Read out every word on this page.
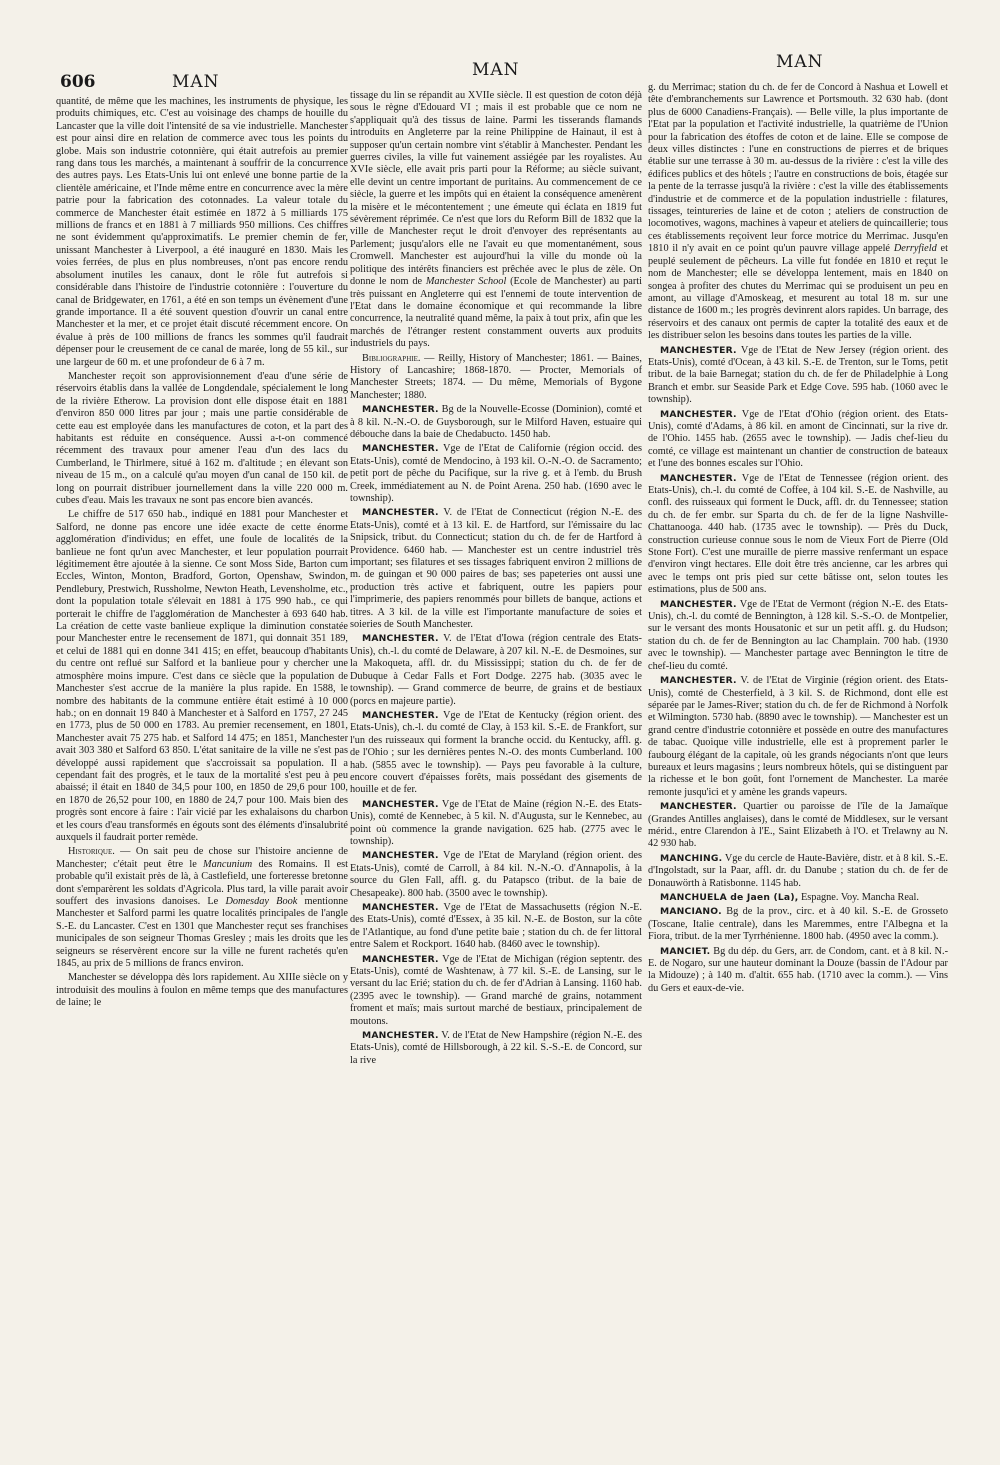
606	MAN
MAN	MAN

quantité, de même que les machines, les instruments de physique, les produits chimiques, etc. C'est au voisinage des champs de houille du Lancaster que la ville doit l'intensité de sa vie industrielle. Manchester est pour ainsi dire en relation de commerce avec tous les points du globe. Mais son industrie cotonnière, qui était autrefois au premier rang dans tous les marchés, a maintenant à souffrir de la concurrence des autres pays. Les Etats-Unis lui ont enlevé une bonne partie de la clientèle américaine, et l'Inde même entre en concurrence avec la mère patrie pour la fabrication des cotonnades. La valeur totale du commerce de Manchester était estimée en 1872 à 5 milliards 175 millions de francs et en 1881 à 7 milliards 950 millions. Ces chiffres ne sont évidemment qu'approximatifs. Le premier chemin de fer, unissant Manchester à Liverpool, a été inauguré en 1830. Mais les voies ferrées, de plus en plus nombreuses, n'ont pas encore rendu absolument inutiles les canaux, dont le rôle fut autrefois si considérable dans l'histoire de l'industrie cotonnière : l'ouverture du canal de Bridgewater, en 1761, a été en son temps un évènement d'une grande importance. Il a été souvent question d'ouvrir un canal entre Manchester et la mer, et ce projet était discuté récemment encore. On évalue à près de 100 millions de francs les sommes qu'il faudrait dépenser pour le creusement de ce canal de marée, long de 55 kil., sur une largeur de 60 m. et une profondeur de 6 à 7 m.

Manchester reçoit son approvisionnement d'eau d'une série de réservoirs établis dans la vallée de Longdendale, spécialement le long de la rivière Etherow. La provision dont elle dispose était en 1881 d'environ 850 000 litres par jour ; mais une partie considérable de cette eau est employée dans les manufactures de coton, et la part des habitants est réduite en conséquence. Aussi a-t-on commencé récemment des travaux pour amener l'eau d'un des lacs du Cumberland, le Thirlmere, situé à 162 m. d'altitude ; en élevant son niveau de 15 m., on a calculé qu'au moyen d'un canal de 150 kil. de long on pourrait distribuer journellement dans la ville 220 000 m. cubes d'eau. Mais les travaux ne sont pas encore bien avancés.

Le chiffre de 517 650 hab., indiqué en 1881 pour Manchester et Salford, ne donne pas encore une idée exacte de cette énorme agglomération d'individus; en effet, une foule de localités de la banlieue ne font qu'un avec Manchester, et leur population pourrait légitimement être ajoutée à la sienne. Ce sont Moss Side, Barton cum Eccles, Winton, Monton, Bradford, Gorton, Openshaw, Swindon, Pendlebury, Prestwich, Russholme, Newton Heath, Levensholme, etc., dont la population totale s'élevait en 1881 à 175 990 hab., ce qui porterait le chiffre de l'agglomération de Manchester à 693 640 hab. La création de cette vaste banlieue explique la diminution constatée pour Manchester entre le recensement de 1871, qui donnait 351 189, et celui de 1881 qui en donne 341 415; en effet, beaucoup d'habitants du centre ont reflué sur Salford et la banlieue pour y chercher une atmosphère moins impure. C'est dans ce siècle que la population de Manchester s'est accrue de la manière la plus rapide. En 1588, le nombre des habitants de la commune entière était estimé à 10 000 hab.; on en donnait 19 840 à Manchester et à Salford en 1757, 27 245 en 1773, plus de 50 000 en 1783. Au premier recensement, en 1801, Manchester avait 75 275 hab. et Salford 14 475; en 1851, Manchester avait 303 380 et Salford 63 850. L'état sanitaire de la ville ne s'est pas développé aussi rapidement que s'accroissait sa population. Il a cependant fait des progrès, et le taux de la mortalité s'est peu à peu abaissé; il était en 1840 de 34,5 pour 100, en 1850 de 29,6 pour 100, en 1870 de 26,52 pour 100, en 1880 de 24,7 pour 100. Mais bien des progrès sont encore à faire : l'air vicié par les exhalaisons du charbon et les cours d'eau transformés en égouts sont des éléments d'insalubrité auxquels il faudrait porter remède.

Historique. — On sait peu de chose sur l'histoire ancienne de Manchester; c'était peut être le Mancunium des Romains. Il est probable qu'il existait près de là, à Castlefield, une forteresse bretonne dont s'emparèrent les soldats d'Agricola. Plus tard, la ville parait avoir souffert des invasions danoises. Le Domesday Book mentionne Manchester et Salford parmi les quatre localités principales de l'angle S.-E. du Lancaster. C'est en 1301 que Manchester reçut ses franchises municipales de son seigneur Thomas Gresley ; mais les droits que les seigneurs se réservèrent encore sur la ville ne furent rachetés qu'en 1845, au prix de 5 millions de francs environ.

Manchester se développa dès lors rapidement. Au XIIIe siècle on y introduisit des moulins à foulon en même temps que des manufactures de laine; le

tissage du lin se répandit au XVIIe siècle. Il est question de coton déjà sous le règne d'Edouard VI ; mais il est probable que ce nom ne s'appliquait qu'à des tissus de laine. Parmi les tisserands flamands introduits en Angleterre par la reine Philippine de Hainaut, il est à supposer qu'un certain nombre vint s'établir à Manchester. Pendant les guerres civiles, la ville fut vainement assiégée par les royalistes. Au XVIe siècle, elle avait pris parti pour la Réforme; au siècle suivant, elle devint un centre important de puritains. Au commencement de ce siècle, la guerre et les impôts qui en étaient la conséquence amenèrent la misère et le mécontentement ; une émeute qui éclata en 1819 fut sévèrement réprimée. Ce n'est que lors du Reform Bill de 1832 que la ville de Manchester reçut le droit d'envoyer des représentants au Parlement; jusqu'alors elle ne l'avait eu que momentanément, sous Cromwell. Manchester est aujourd'hui la ville du monde où la politique des intérêts financiers est prêchée avec le plus de zèle. On donne le nom de Manchester School (Ecole de Manchester) au parti très puissant en Angleterre qui est l'ennemi de toute intervention de l'Etat dans le domaine économique et qui recommande la libre concurrence, la neutralité quand même, la paix à tout prix, afin que les marchés de l'étranger restent constamment ouverts aux produits industriels du pays.

Bibliographie. — Reilly, History of Manchester; 1861. — Baines, History of Lancashire; 1868-1870. — Procter, Memorials of Manchester Streets; 1874. — Du même, Memorials of Bygone Manchester; 1880.

MANCHESTER. Bg de la Nouvelle-Ecosse (Dominion), comté et à 8 kil. N.-N.-O. de Guysborough, sur le Milford Haven, estuaire qui débouche dans la baie de Chedabucto. 1450 hab.

MANCHESTER. Vge de l'Etat de Californie (région occid. des Etats-Unis), comté de Mendocino, à 193 kil. O.-N.-O. de Sacramento; petit port de pêche du Pacifique, sur la rive g. et à l'emb. du Brush Creek, immédiatement au N. de Point Arena. 250 hab. (1690 avec le township).

MANCHESTER. V. de l'Etat de Connecticut (région N.-E. des Etats-Unis), comté et à 13 kil. E. de Hartford, sur l'émissaire du lac Snipsick, tribut. du Connecticut; station du ch. de fer de Hartford à Providence. 6460 hab. — Manchester est un centre industriel très important; ses filatures et ses tissages fabriquent environ 2 millions de m. de guingan et 90 000 paires de bas; ses papeteries ont aussi une production très active et fabriquent, outre les papiers pour l'imprimerie, des papiers renommés pour billets de banque, actions et titres. A 3 kil. de la ville est l'importante manufacture de soies et soieries de South Manchester.

MANCHESTER. V. de l'Etat d'Iowa (région centrale des Etats-Unis), ch.-l. du comté de Delaware, à 207 kil. N.-E. de Desmoines, sur la Makoqueta, affl. dr. du Mississippi; station du ch. de fer de Dubuque à Cedar Falls et Fort Dodge. 2275 hab. (3035 avec le township). — Grand commerce de beurre, de grains et de bestiaux (porcs en majeure partie).

MANCHESTER. Vge de l'Etat de Kentucky (région orient. des Etats-Unis), ch.-l. du comté de Clay, à 153 kil. S.-E. de Frankfort, sur l'un des ruisseaux qui forment la branche occid. du Kentucky, affl. g. de l'Ohio ; sur les dernières pentes N.-O. des monts Cumberland. 100 hab. (5855 avec le township). — Pays peu favorable à la culture, encore couvert d'épaisses forêts, mais possédant des gisements de houille et de fer.

MANCHESTER. Vge de l'Etat de Maine (région N.-E. des Etats-Unis), comté de Kennebec, à 5 kil. N. d'Augusta, sur le Kennebec, au point où commence la grande navigation. 625 hab. (2775 avec le township).

MANCHESTER. Vge de l'Etat de Maryland (région orient. des Etats-Unis), comté de Carroll, à 84 kil. N.-N.-O. d'Annapolis, à la source du Glen Fall, affl. g. du Patapsco (tribut. de la baie de Chesapeake). 800 hab. (3500 avec le township).

MANCHESTER. Vge de l'Etat de Massachusetts (région N.-E. des Etats-Unis), comté d'Essex, à 35 kil. N.-E. de Boston, sur la côte de l'Atlantique, au fond d'une petite baie ; station du ch. de fer littoral entre Salem et Rockport. 1640 hab. (8460 avec le township).

MANCHESTER. Vge de l'Etat de Michigan (région septentr. des Etats-Unis), comté de Washtenaw, à 77 kil. S.-E. de Lansing, sur le versant du lac Erié; station du ch. de fer d'Adrian à Lansing. 1160 hab. (2395 avec le township). — Grand marché de grains, notamment froment et maïs; mais surtout marché de bestiaux, principalement de moutons.

MANCHESTER. V. de l'Etat de New Hampshire (région N.-E. des Etats-Unis), comté de Hillsborough, à 22 kil. S.-S.-E. de Concord, sur la rive

g. du Merrimac; station du ch. de fer de Concord à Nashua et Lowell et tête d'embranchements sur Lawrence et Portsmouth. 32 630 hab. (dont plus de 6000 Canadiens-Français). — Belle ville, la plus importante de l'Etat par la population et l'activité industrielle, la quatrième de l'Union pour la fabrication des étoffes de coton et de laine. Elle se compose de deux villes distinctes : l'une en constructions de pierres et de briques établie sur une terrasse à 30 m. au-dessus de la rivière : c'est la ville des édifices publics et des hôtels ; l'autre en constructions de bois, étagée sur la pente de la terrasse jusqu'à la rivière : c'est la ville des établissements d'industrie et de commerce et de la population industrielle : filatures, tissages, teintureries de laine et de coton ; ateliers de construction de locomotives, wagons, machines à vapeur et ateliers de quincaillerie; tous ces établissements reçoivent leur force motrice du Merrimac. Jusqu'en 1810 il n'y avait en ce point qu'un pauvre village appelé Derryfield et peuplé seulement de pêcheurs. La ville fut fondée en 1810 et reçut le nom de Manchester; elle se développa lentement, mais en 1840 on songea à profiter des chutes du Merrimac qui se produisent un peu en amont, au village d'Amoskeag, et mesurent au total 18 m. sur une distance de 1600 m.; les progrès devinrent alors rapides. Un barrage, des réservoirs et des canaux ont permis de capter la totalité des eaux et de les distribuer selon les besoins dans toutes les parties de la ville.

MANCHESTER. Vge de l'Etat de New Jersey (région orient. des Etats-Unis), comté d'Ocean, à 43 kil. S.-E. de Trenton, sur le Toms, petit tribut. de la baie Barnegat; station du ch. de fer de Philadelphie à Long Branch et embr. sur Seaside Park et Edge Cove. 595 hab. (1060 avec le township).

MANCHESTER. Vge de l'Etat d'Ohio (région orient. des Etats-Unis), comté d'Adams, à 86 kil. en amont de Cincinnati, sur la rive dr. de l'Ohio. 1455 hab. (2655 avec le township). — Jadis chef-lieu du comté, ce village est maintenant un chantier de construction de bateaux et l'une des bonnes escales sur l'Ohio.

MANCHESTER. Vge de l'Etat de Tennessee (région orient. des Etats-Unis), ch.-l. du comté de Coffee, à 104 kil. S.-E. de Nashville, au confl. des ruisseaux qui forment le Duck, affl. dr. du Tennessee; station du ch. de fer embr. sur Sparta du ch. de fer de la ligne Nashville-Chattanooga. 440 hab. (1735 avec le township). — Près du Duck, construction curieuse connue sous le nom de Vieux Fort de Pierre (Old Stone Fort). C'est une muraille de pierre massive renfermant un espace d'environ vingt hectares. Elle doit être très ancienne, car les arbres qui avec le temps ont pris pied sur cette bâtisse ont, selon toutes les estimations, plus de 500 ans.

MANCHESTER. Vge de l'Etat de Vermont (région N.-E. des Etats-Unis), ch.-l. du comté de Bennington, à 128 kil. S.-S.-O. de Montpelier, sur le versant des monts Housatonic et sur un petit affl. g. du Hudson; station du ch. de fer de Bennington au lac Champlain. 700 hab. (1930 avec le township). — Manchester partage avec Bennington le titre de chef-lieu du comté.

MANCHESTER. V. de l'Etat de Virginie (région orient. des Etats-Unis), comté de Chesterfield, à 3 kil. S. de Richmond, dont elle est séparée par le James-River; station du ch. de fer de Richmond à Norfolk et Wilmington. 5730 hab. (8890 avec le township). — Manchester est un grand centre d'industrie cotonnière et possède en outre des manufactures de tabac. Quoique ville industrielle, elle est à proprement parler le faubourg élégant de la capitale, où les grands négociants n'ont que leurs bureaux et leurs magasins ; leurs nombreux hôtels, qui se distinguent par la richesse et le bon goût, font l'ornement de Manchester. La marée remonte jusqu'ici et y amène les grands vapeurs.

MANCHESTER. Quartier ou paroisse de l'île de la Jamaïque (Grandes Antilles anglaises), dans le comté de Middlesex, sur le versant mérid., entre Clarendon à l'E., Saint Elizabeth à l'O. et Trelawny au N. 42 930 hab.

MANCHING. Vge du cercle de Haute-Bavière, distr. et à 8 kil. S.-E. d'Ingolstadt, sur la Paar, affl. dr. du Danube ; station du ch. de fer de Donauwörth à Ratisbonne. 1145 hab.

MANCHUELA de Jaen (La), Espagne. Voy. Mancha Real.

MANCIANO. Bg de la prov., circ. et à 40 kil. S.-E. de Grosseto (Toscane, Italie centrale), dans les Maremmes, entre l'Albegna et la Fiora, tribut. de la mer Tyrrhénienne. 1800 hab. (4950 avec la comm.).

MANCIET. Bg du dép. du Gers, arr. de Condom, cant. et à 8 kil. N.-E. de Nogaro, sur une hauteur dominant la Douze (bassin de l'Adour par la Midouze) ; à 140 m. d'altit. 655 hab. (1710 avec la comm.). — Vins du Gers et eaux-de-vie.
